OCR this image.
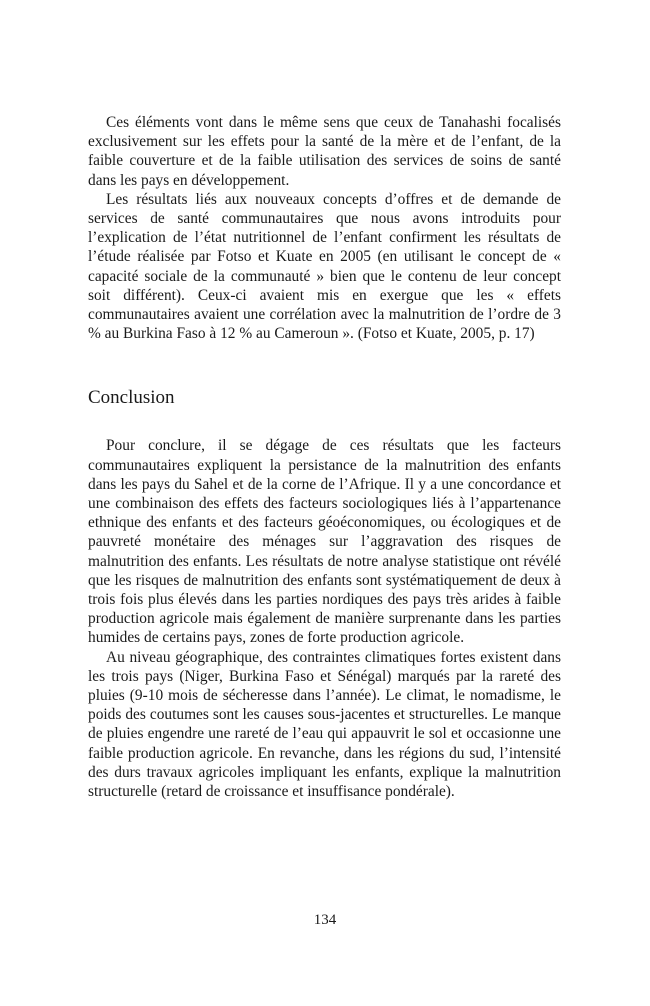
Ces éléments vont dans le même sens que ceux de Tanahashi focalisés exclusivement sur les effets pour la santé de la mère et de l’enfant, de la faible couverture et de la faible utilisation des services de soins de santé dans les pays en développement.

Les résultats liés aux nouveaux concepts d’offres et de demande de services de santé communautaires que nous avons introduits pour l’explication de l’état nutritionnel de l’enfant confirment les résultats de l’étude réalisée par Fotso et Kuate en 2005 (en utilisant le concept de « capacité sociale de la communauté » bien que le contenu de leur concept soit différent). Ceux-ci avaient mis en exergue que les « effets communautaires avaient une corrélation avec la malnutrition de l’ordre de 3 % au Burkina Faso à 12 % au Cameroun ». (Fotso et Kuate, 2005, p. 17)

Conclusion

Pour conclure, il se dégage de ces résultats que les facteurs communautaires expliquent la persistance de la malnutrition des enfants dans les pays du Sahel et de la corne de l’Afrique. Il y a une concordance et une combinaison des effets des facteurs sociologiques liés à l’appartenance ethnique des enfants et des facteurs géoéconomiques, ou écologiques et de pauvreté monétaire des ménages sur l’aggravation des risques de malnutrition des enfants. Les résultats de notre analyse statistique ont révélé que les risques de malnutrition des enfants sont systématiquement de deux à trois fois plus élevés dans les parties nordiques des pays très arides à faible production agricole mais également de manière surprenante dans les parties humides de certains pays, zones de forte production agricole.

Au niveau géographique, des contraintes climatiques fortes existent dans les trois pays (Niger, Burkina Faso et Sénégal) marqués par la rareté des pluies (9-10 mois de sécheresse dans l’année). Le climat, le nomadisme, le poids des coutumes sont les causes sous-jacentes et structurelles. Le manque de pluies engendre une rareté de l’eau qui appauvrit le sol et occasionne une faible production agricole. En revanche, dans les régions du sud, l’intensité des durs travaux agricoles impliquant les enfants, explique la malnutrition structurelle (retard de croissance et insuffisance pondérale).

134
